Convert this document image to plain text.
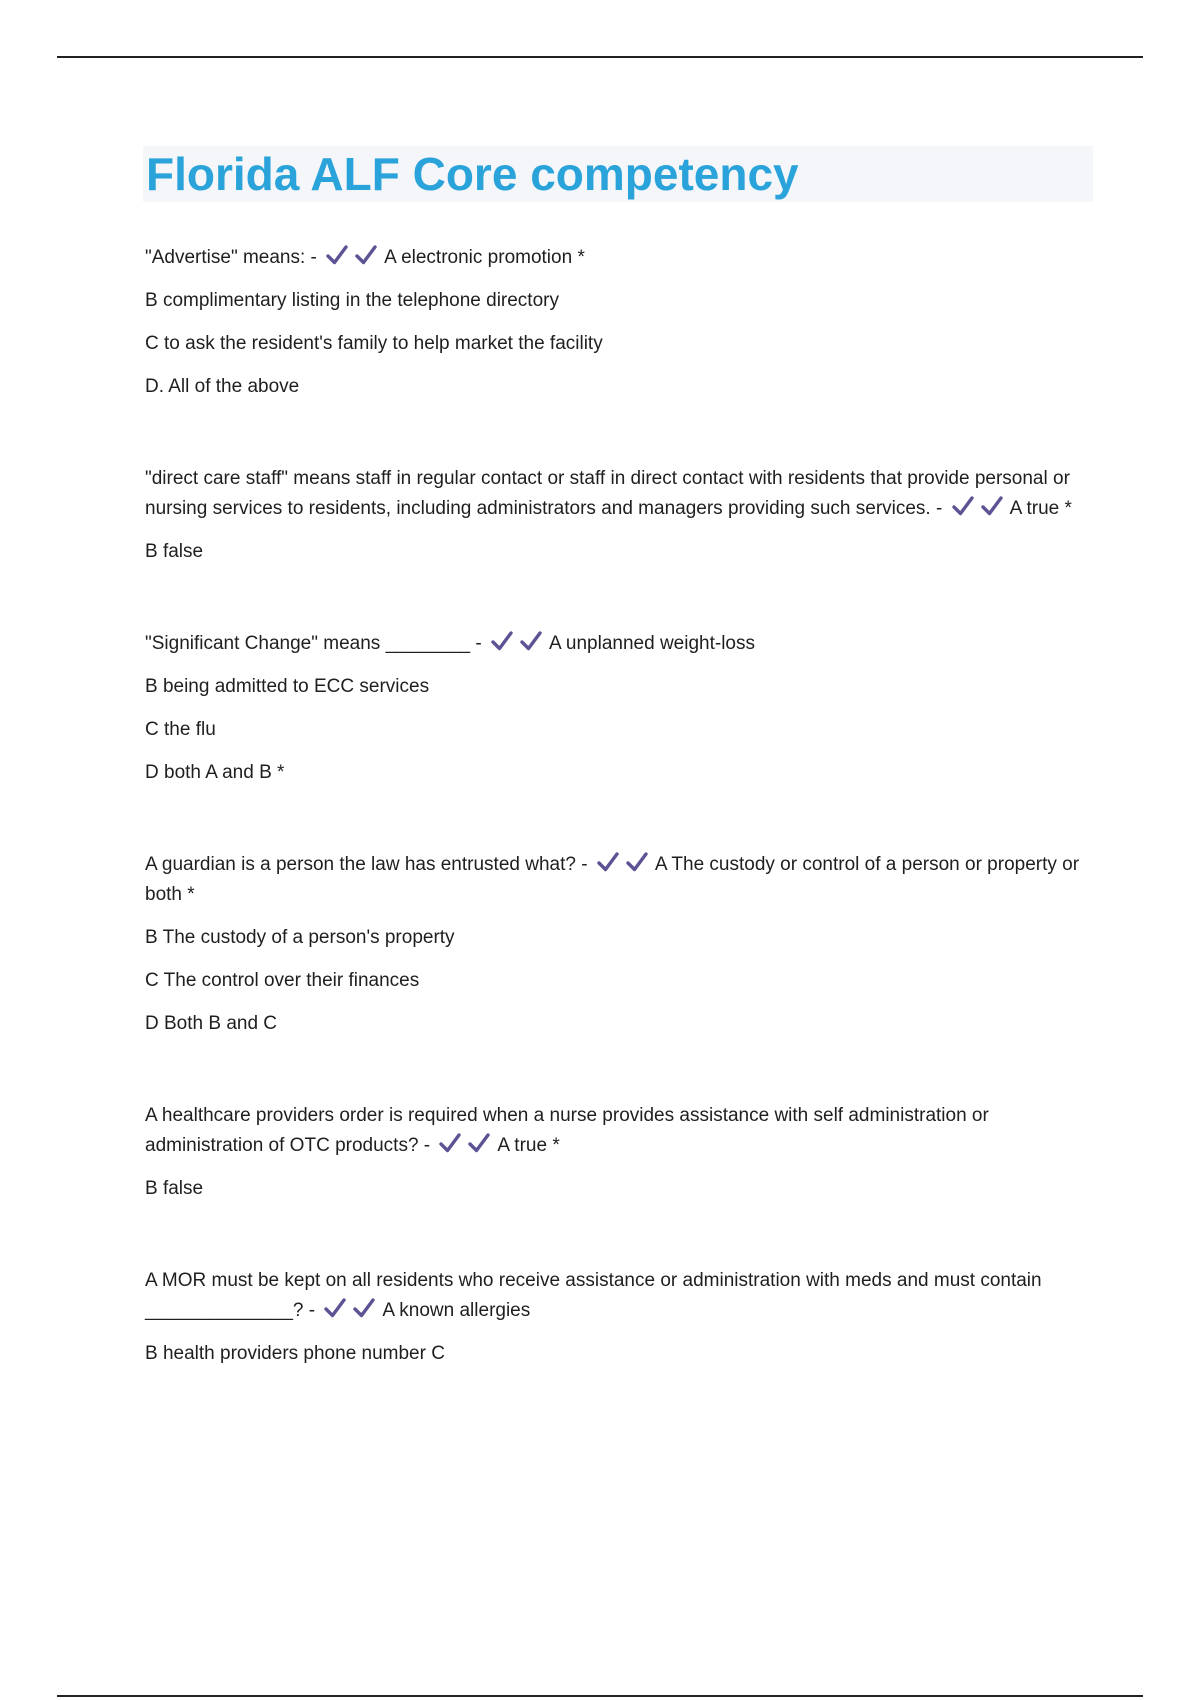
Florida ALF Core competency

"Advertise" means: -	A electronic promotion *

B complimentary listing in the telephone directory

C to ask the resident's family to help market the facility

D. All of the above

"direct care staff" means staff in regular contact or staff in direct contact with residents that provide personal or nursing services to residents, including administrators and managers providing such services. -	A true *

B false

"Significant Change" means ________ -	A unplanned weight-loss

B being admitted to ECC services

C the flu

D both A and B *

A guardian is a person the law has entrusted what? -	A The custody or control of a person or property or both *

B The custody of a person's property

C The control over their finances

D Both B and C

A healthcare providers order is required when a nurse provides assistance with self administration or administration of OTC products? -	A true *

B false

A MOR must be kept on all residents who receive assistance or administration with meds and must contain ______________? -	A known allergies

B health providers phone number C
